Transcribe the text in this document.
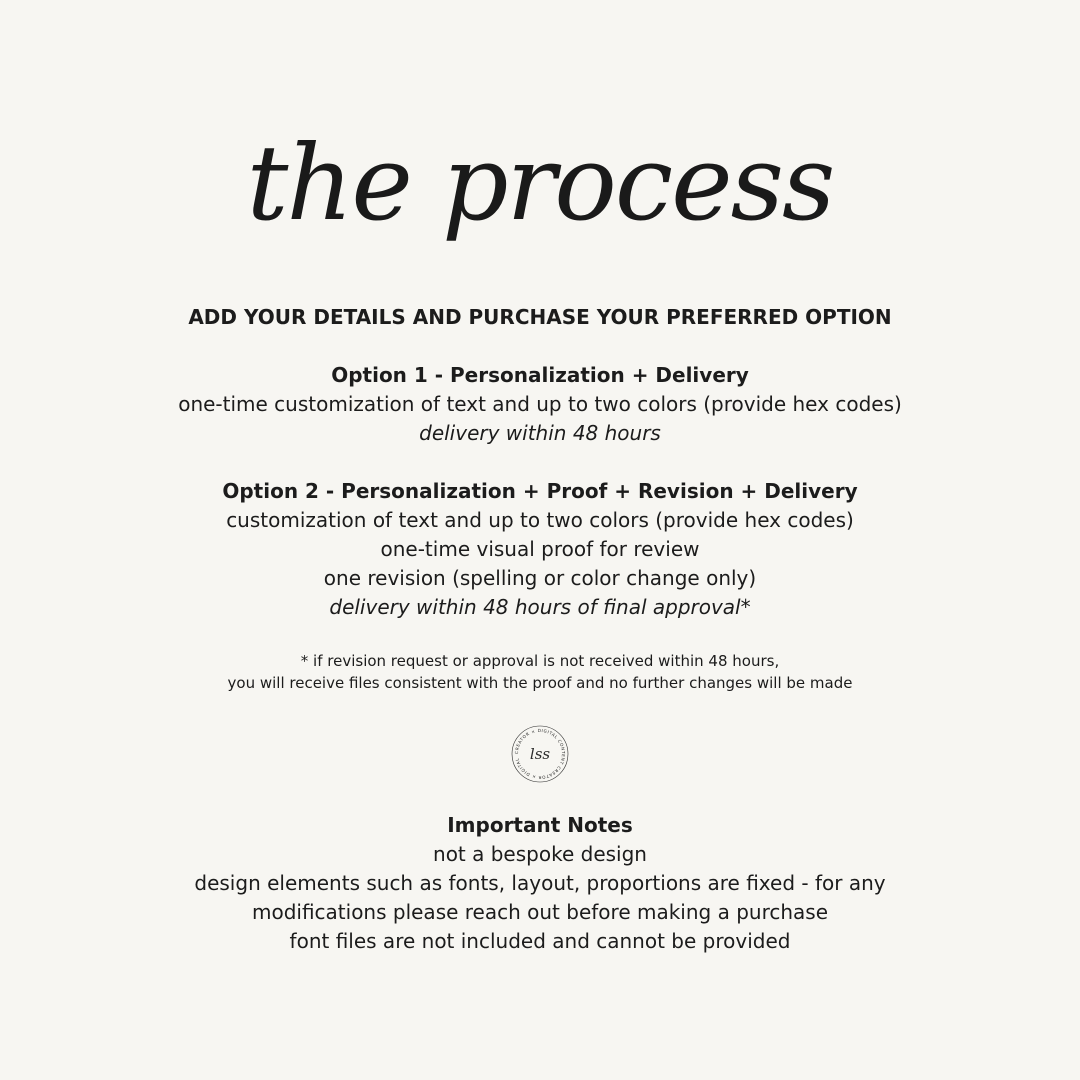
the process
ADD YOUR DETAILS AND PURCHASE YOUR PREFERRED OPTION
Option 1 - Personalization + Delivery
one-time customization of text and up to two colors (provide hex codes)
delivery within 48 hours
Option 2 - Personalization + Proof + Revision + Delivery
customization of text and up to two colors (provide hex codes)
one-time visual proof for review
one revision (spelling or color change only)
delivery within 48 hours of final approval*
* if revision request or approval is not received within 48 hours,
you will receive files consistent with the proof and no further changes will be made
CREATOR × DIGITAL CONTENT CREATOR × DIGITAL lss
Important Notes
not a bespoke design
design elements such as fonts, layout, proportions are fixed - for any
modifications please reach out before making a purchase
font files are not included and cannot be provided
